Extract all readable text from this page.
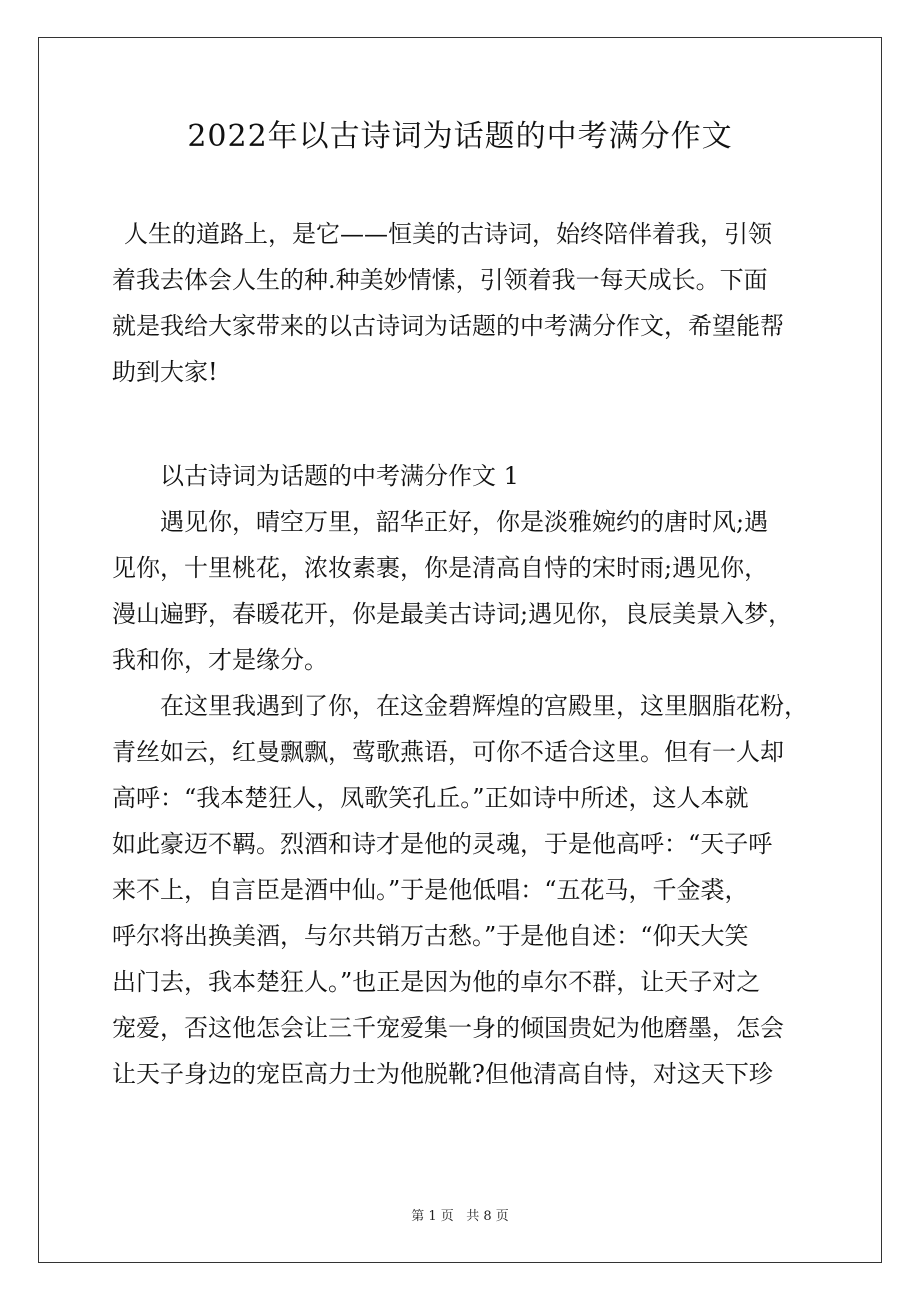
2022年以古诗词为话题的中考满分作文
人生的道路上，是它——恒美的古诗词，始终陪伴着我，引领
着我去体会人生的种.种美妙情愫，引领着我一每天成长。下面
就是我给大家带来的以古诗词为话题的中考满分作文，希望能帮
助到大家!
以古诗词为话题的中考满分作文 1

遇见你，晴空万里，韶华正好，你是淡雅婉约的唐时风;遇
见你，十里桃花，浓妆素裹，你是清高自恃的宋时雨;遇见你，
漫山遍野，春暖花开，你是最美古诗词;遇见你，良辰美景入梦，
我和你，才是缘分。

在这里我遇到了你，在这金碧辉煌的宫殿里，这里胭脂花粉，
青丝如云，红曼飘飘，莺歌燕语，可你不适合这里。但有一人却
高呼：“我本楚狂人，凤歌笑孔丘。”正如诗中所述，这人本就
如此豪迈不羁。烈酒和诗才是他的灵魂，于是他高呼：“天子呼
来不上，自言臣是酒中仙。”于是他低唱：“五花马，千金裘，
呼尔将出换美酒，与尔共销万古愁。”于是他自述：“仰天大笑
出门去，我本楚狂人。”也正是因为他的卓尔不群，让天子对之
宠爱，否这他怎会让三千宠爱集一身的倾国贵妃为他磨墨，怎会
让天子身边的宠臣高力士为他脱靴?但他清高自恃，对这天下珍

第 1 页 共 8 页
